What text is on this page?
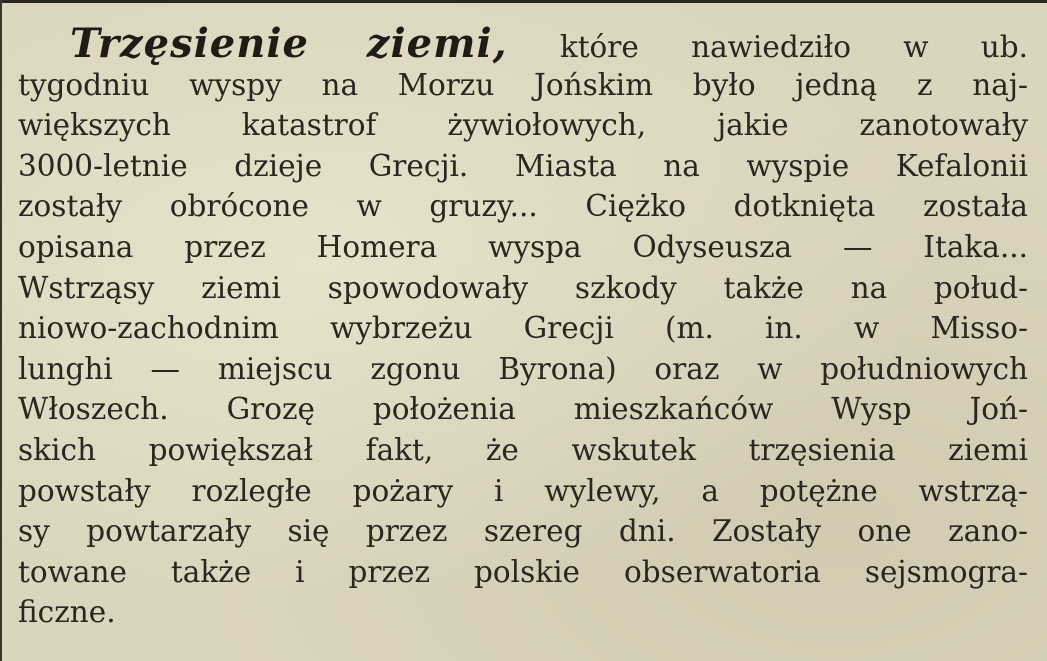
Trzęsienie ziemi, które nawiedziło w ub.
tygodniu wyspy na Morzu Jońskim było jedną z naj-
większych katastrof żywiołowych, jakie zanotowały
3000-letnie dzieje Grecji. Miasta na wyspie Kefalonii
zostały obrócone w gruzy... Ciężko dotknięta została
opisana przez Homera wyspa Odyseusza — Itaka...
Wstrząsy ziemi spowodowały szkody także na połud-
niowo-zachodnim wybrzeżu Grecji (m. in. w Misso-
lunghi — miejscu zgonu Byrona) oraz w południowych
Włoszech. Grozę położenia mieszkańców Wysp Joń-
skich powiększał fakt, że wskutek trzęsienia ziemi
powstały rozległe pożary i wylewy, a potężne wstrzą-
sy powtarzały się przez szereg dni. Zostały one zano-
towane także i przez polskie obserwatoria sejsmogra-
ficzne.
